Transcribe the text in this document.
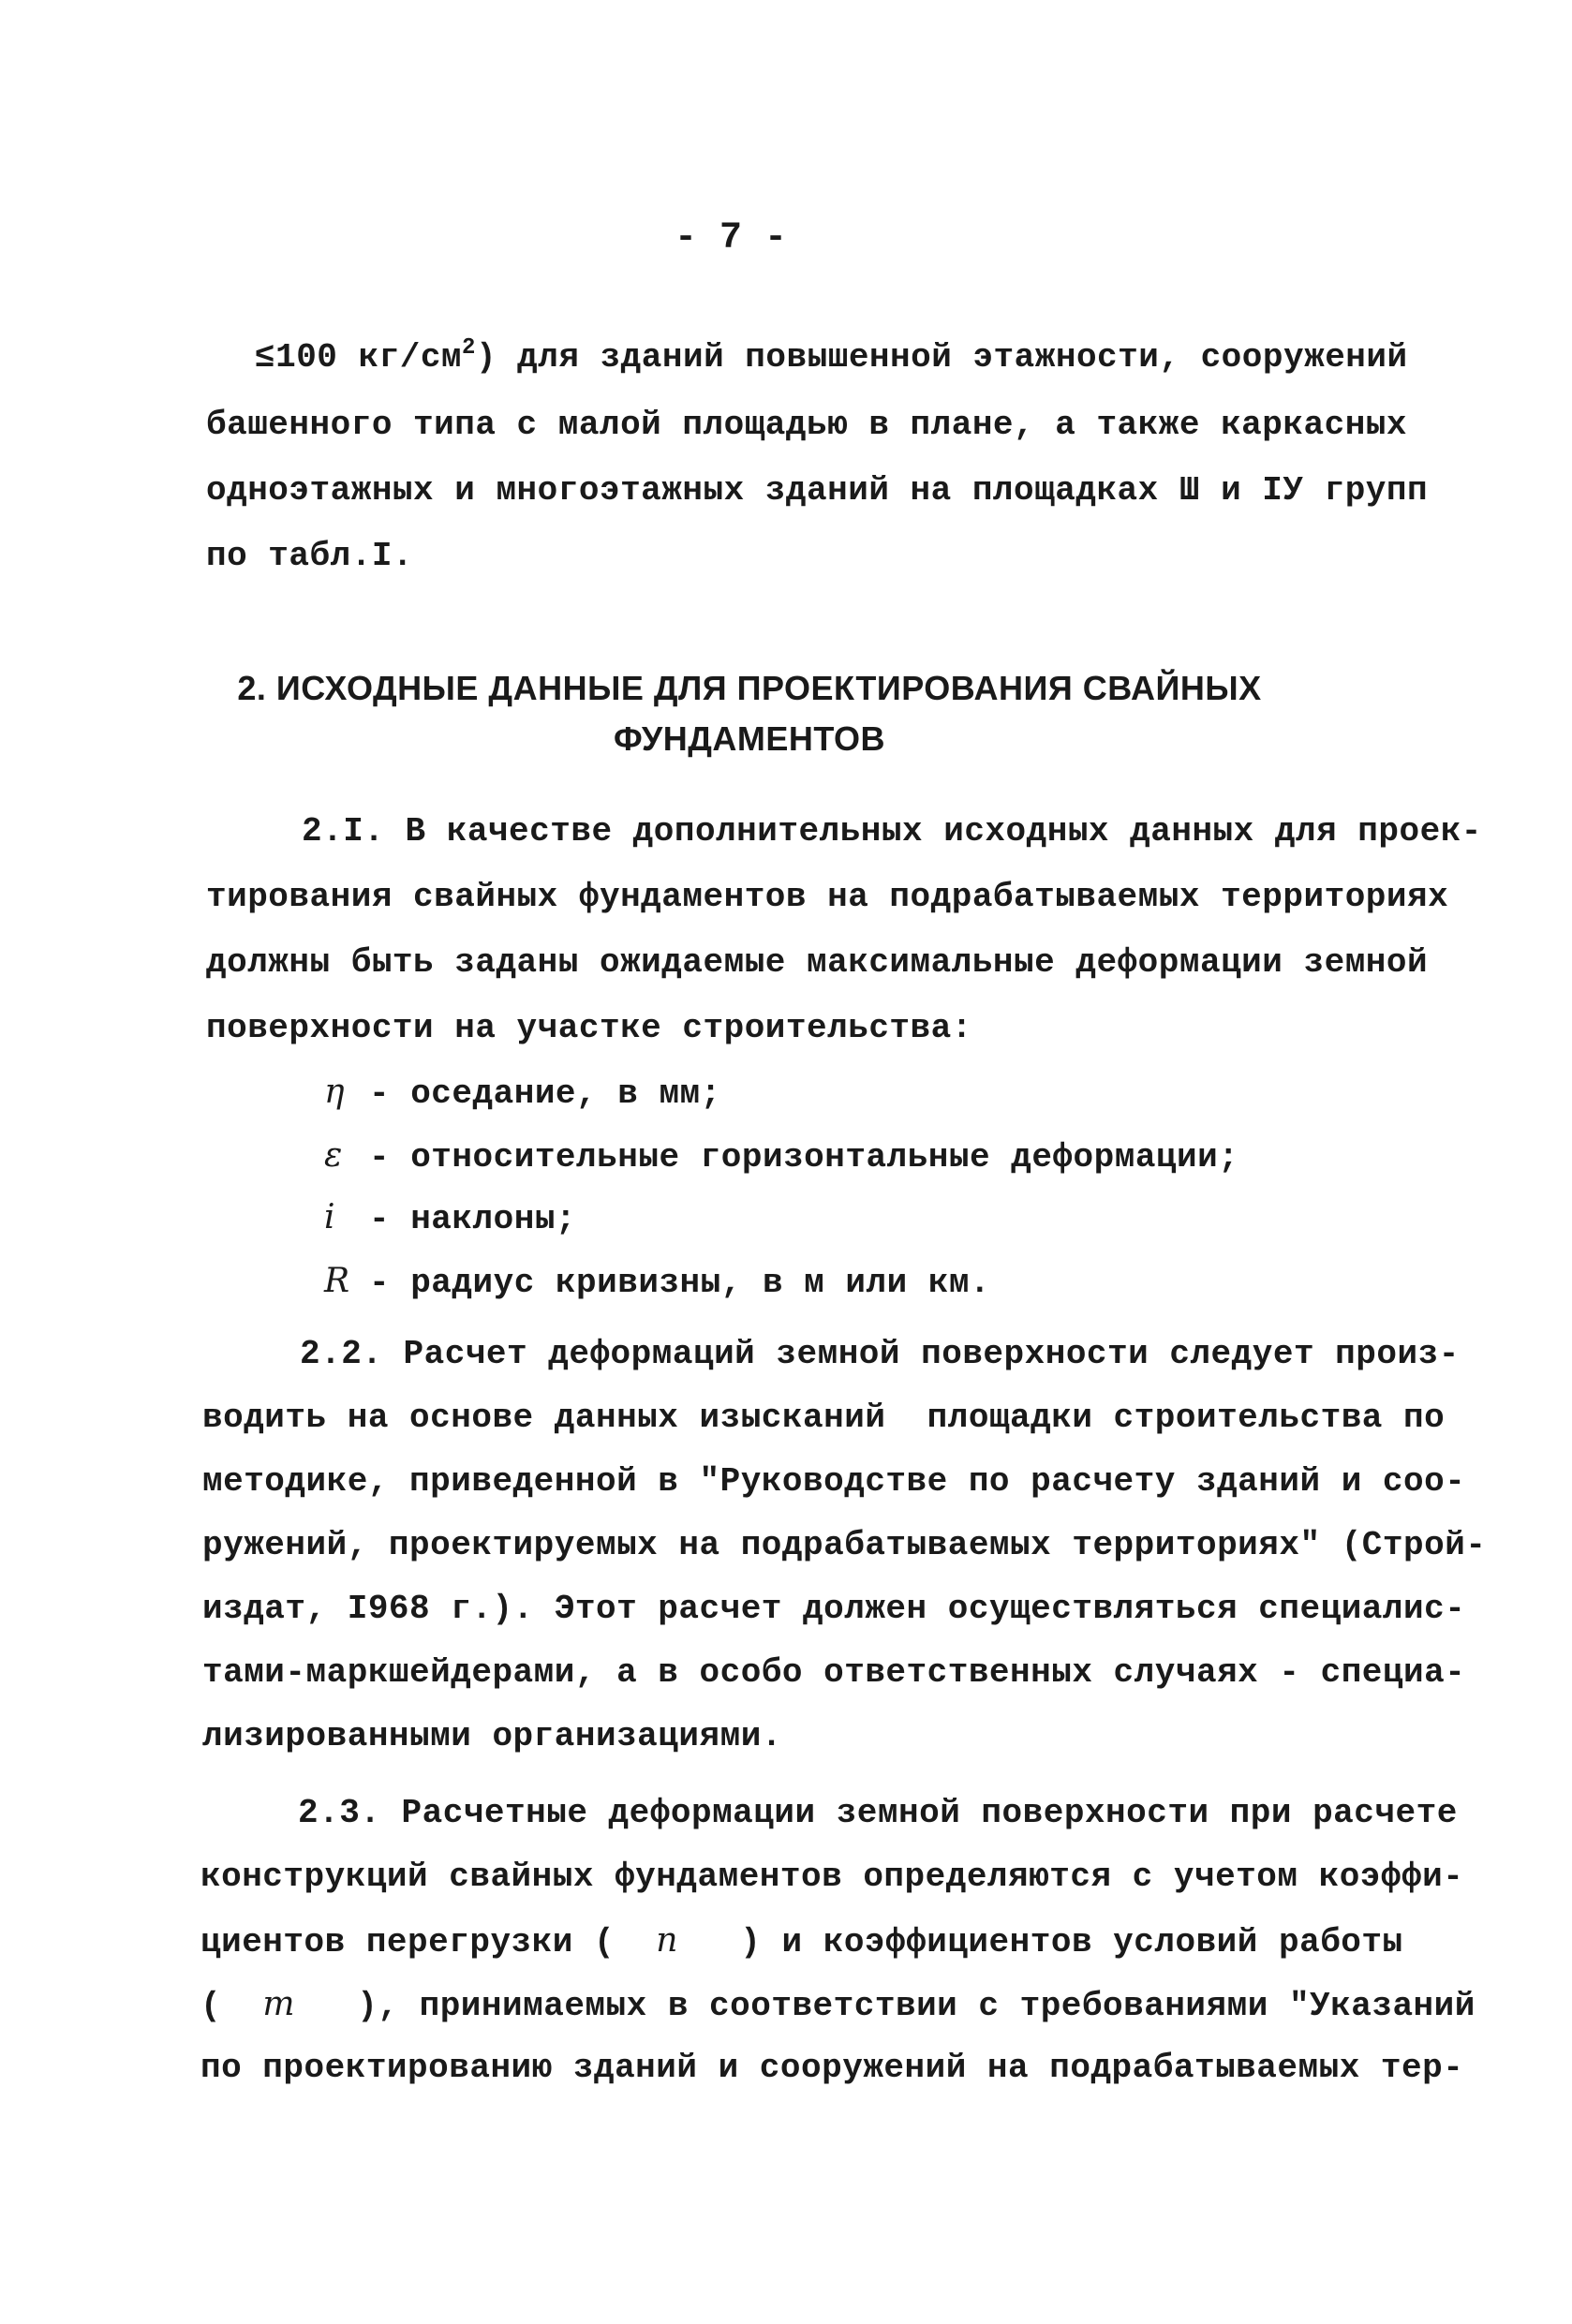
- 7 -
≤100 $кг/см^2$) для зданий повышенной этажности, сооружений
башенного типа с малой площадью в плане, а также каркасных
одноэтажных и многоэтажных зданий на площадках Ш и IУ групп
по табл.I.
2. ИСХОДНЫЕ ДАННЫЕ ДЛЯ ПРОЕКТИРОВАНИЯ СВАЙНЫХ
ФУНДАМЕНТОВ
2.I. В качестве дополнительных исходных данных для проек-
тирования свайных фундаментов на подрабатываемых территориях
должны быть заданы ожидаемые максимальные деформации земной
поверхности на участке строительства:
η - оседание, в мм;
ε - относительные горизонтальные деформации;
i - наклоны;
R - радиус кривизны, в м или км.
2.2. Расчет деформаций земной поверхности следует произ-
водить на основе данных изысканий  площадки строительства по
методике, приведенной в "Руководстве по расчету зданий и соо-
ружений, проектируемых на подрабатываемых территориях" (Строй-
издат, I968 г.). Этот расчет должен осуществляться специалис-
тами-маркшейдерами, а в особо ответственных случаях - специа-
лизированными организациями.
2.3. Расчетные деформации земной поверхности при расчете
конструкций свайных фундаментов определяются с учетом коэффи-
циентов перегрузки ( n ) и коэффициентов условий работы
( m ), принимаемых в соответствии с требованиями "Указаний
по проектированию зданий и сооружений на подрабатываемых тер-
